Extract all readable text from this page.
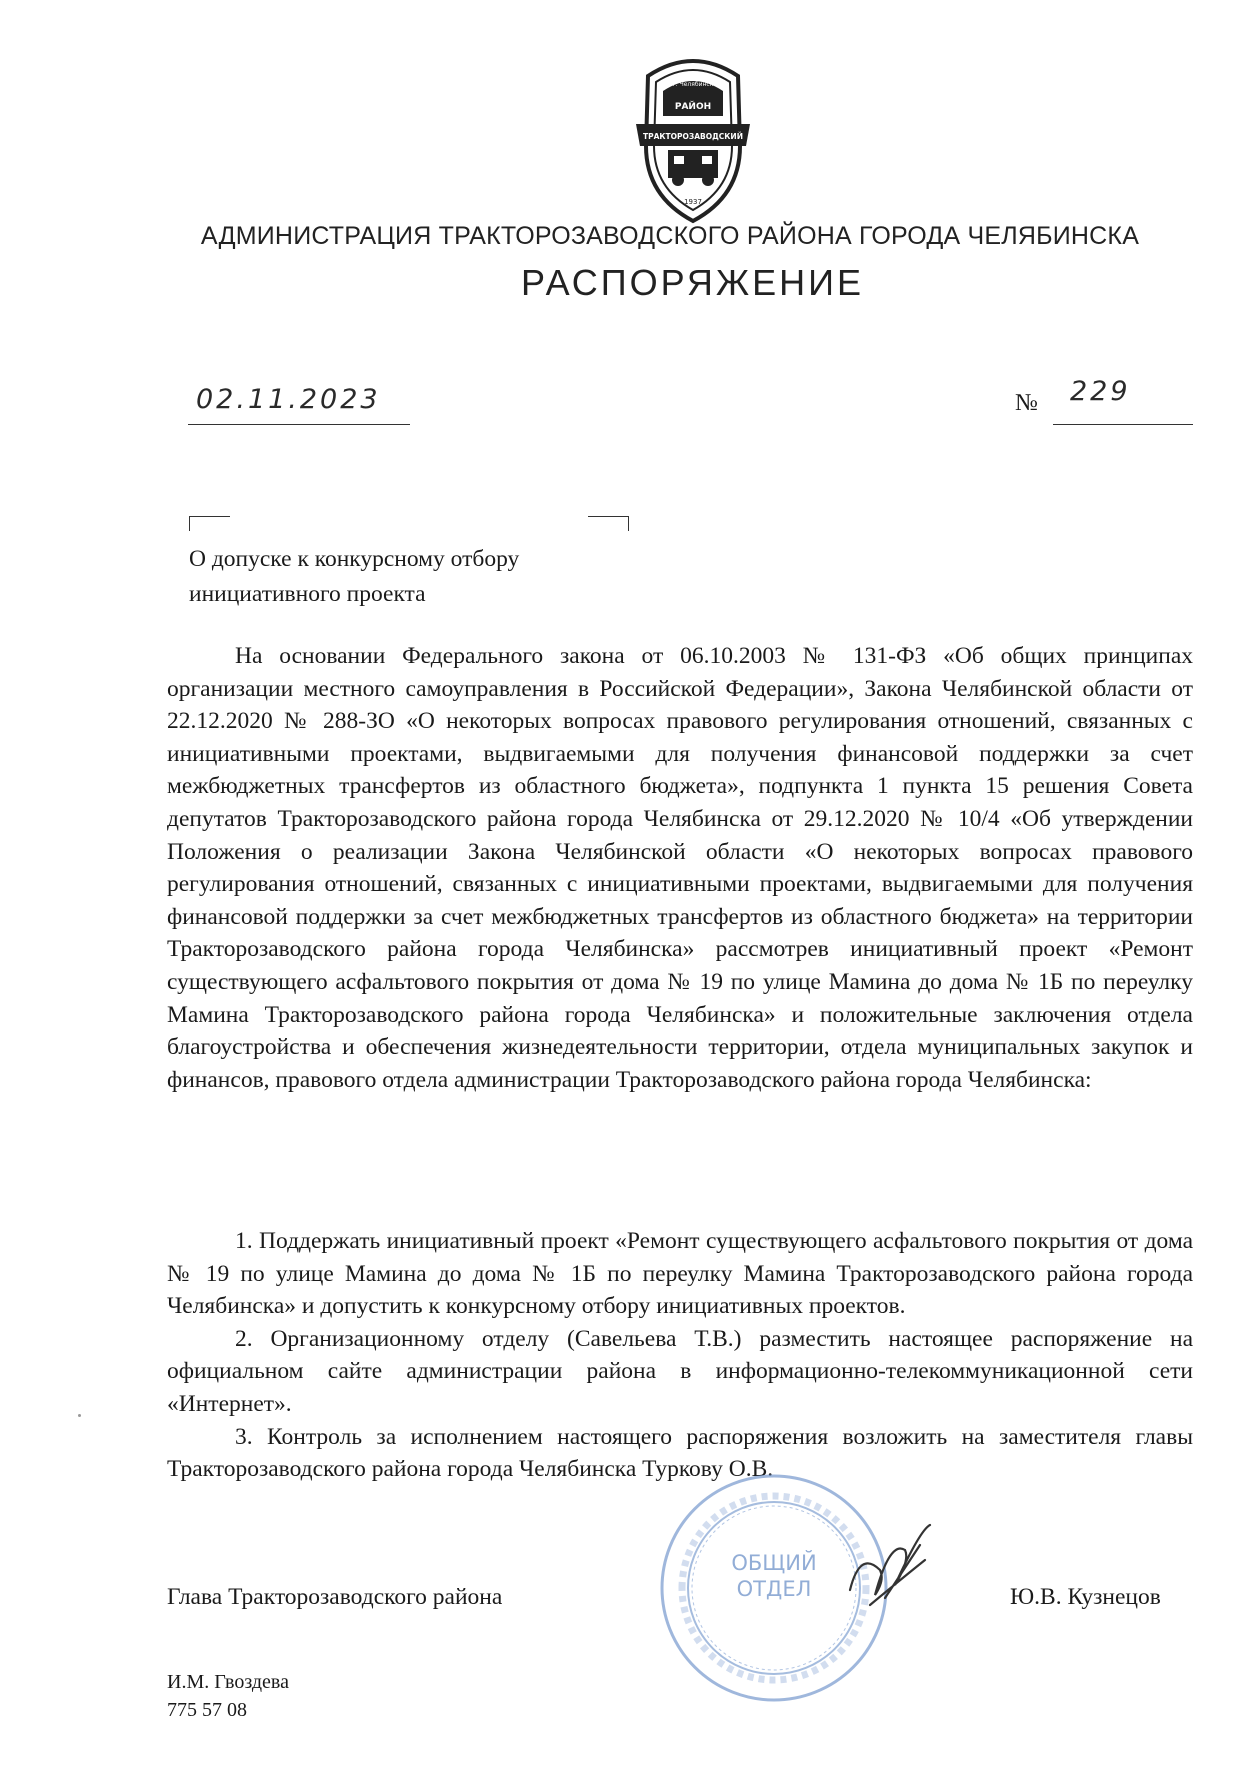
г. Челябинск
РАЙОН
ТРАКТОРОЗАВОДСКИЙ
1937
АДМИНИСТРАЦИЯ ТРАКТОРОЗАВОДСКОГО РАЙОНА ГОРОДА ЧЕЛЯБИНСКА
РАСПОРЯЖЕНИЕ
02.11.2023	№ 229
О допуске к конкурсному отбору
инициативного проекта

На основании Федерального закона от 06.10.2003 № 131-ФЗ «Об общих принципах организации местного самоуправления в Российской Федерации», Закона Челябинской области от 22.12.2020 № 288-ЗО «О некоторых вопросах правового регулирования отношений, связанных с инициативными проектами, выдвигаемыми для получения финансовой поддержки за счет межбюджетных трансфертов из областного бюджета», подпункта 1 пункта 15 решения Совета депутатов Тракторозаводского района города Челябинска от 29.12.2020 № 10/4 «Об утверждении Положения о реализации Закона Челябинской области «О некоторых вопросах правового регулирования отношений, связанных с инициативными проектами, выдвигаемыми для получения финансовой поддержки за счет межбюджетных трансфертов из областного бюджета» на территории Тракторозаводского района города Челябинска» рассмотрев инициативный проект «Ремонт существующего асфальтового покрытия от дома № 19 по улице Мамина до дома № 1Б по переулку Мамина Тракторозаводского района города Челябинска» и положительные заключения отдела благоустройства и обеспечения жизнедеятельности территории, отдела муниципальных закупок и финансов, правового отдела администрации Тракторозаводского района города Челябинска:

1. Поддержать инициативный проект «Ремонт существующего асфальтового покрытия от дома № 19 по улице Мамина до дома № 1Б по переулку Мамина Тракторозаводского района города Челябинска» и допустить к конкурсному отбору инициативных проектов.

2. Организационному отделу (Савельева Т.В.) разместить настоящее распоряжение на официальном сайте администрации района в информационно-телекоммуникационной сети «Интернет».

3. Контроль за исполнением настоящего распоряжения возложить на заместителя главы Тракторозаводского района города Челябинска Туркову О.В.

ОБЩИЙ
ОТДЕЛ
Глава Тракторозаводского района	Ю.В. Кузнецов
И.М. Гвоздева
775 57 08
